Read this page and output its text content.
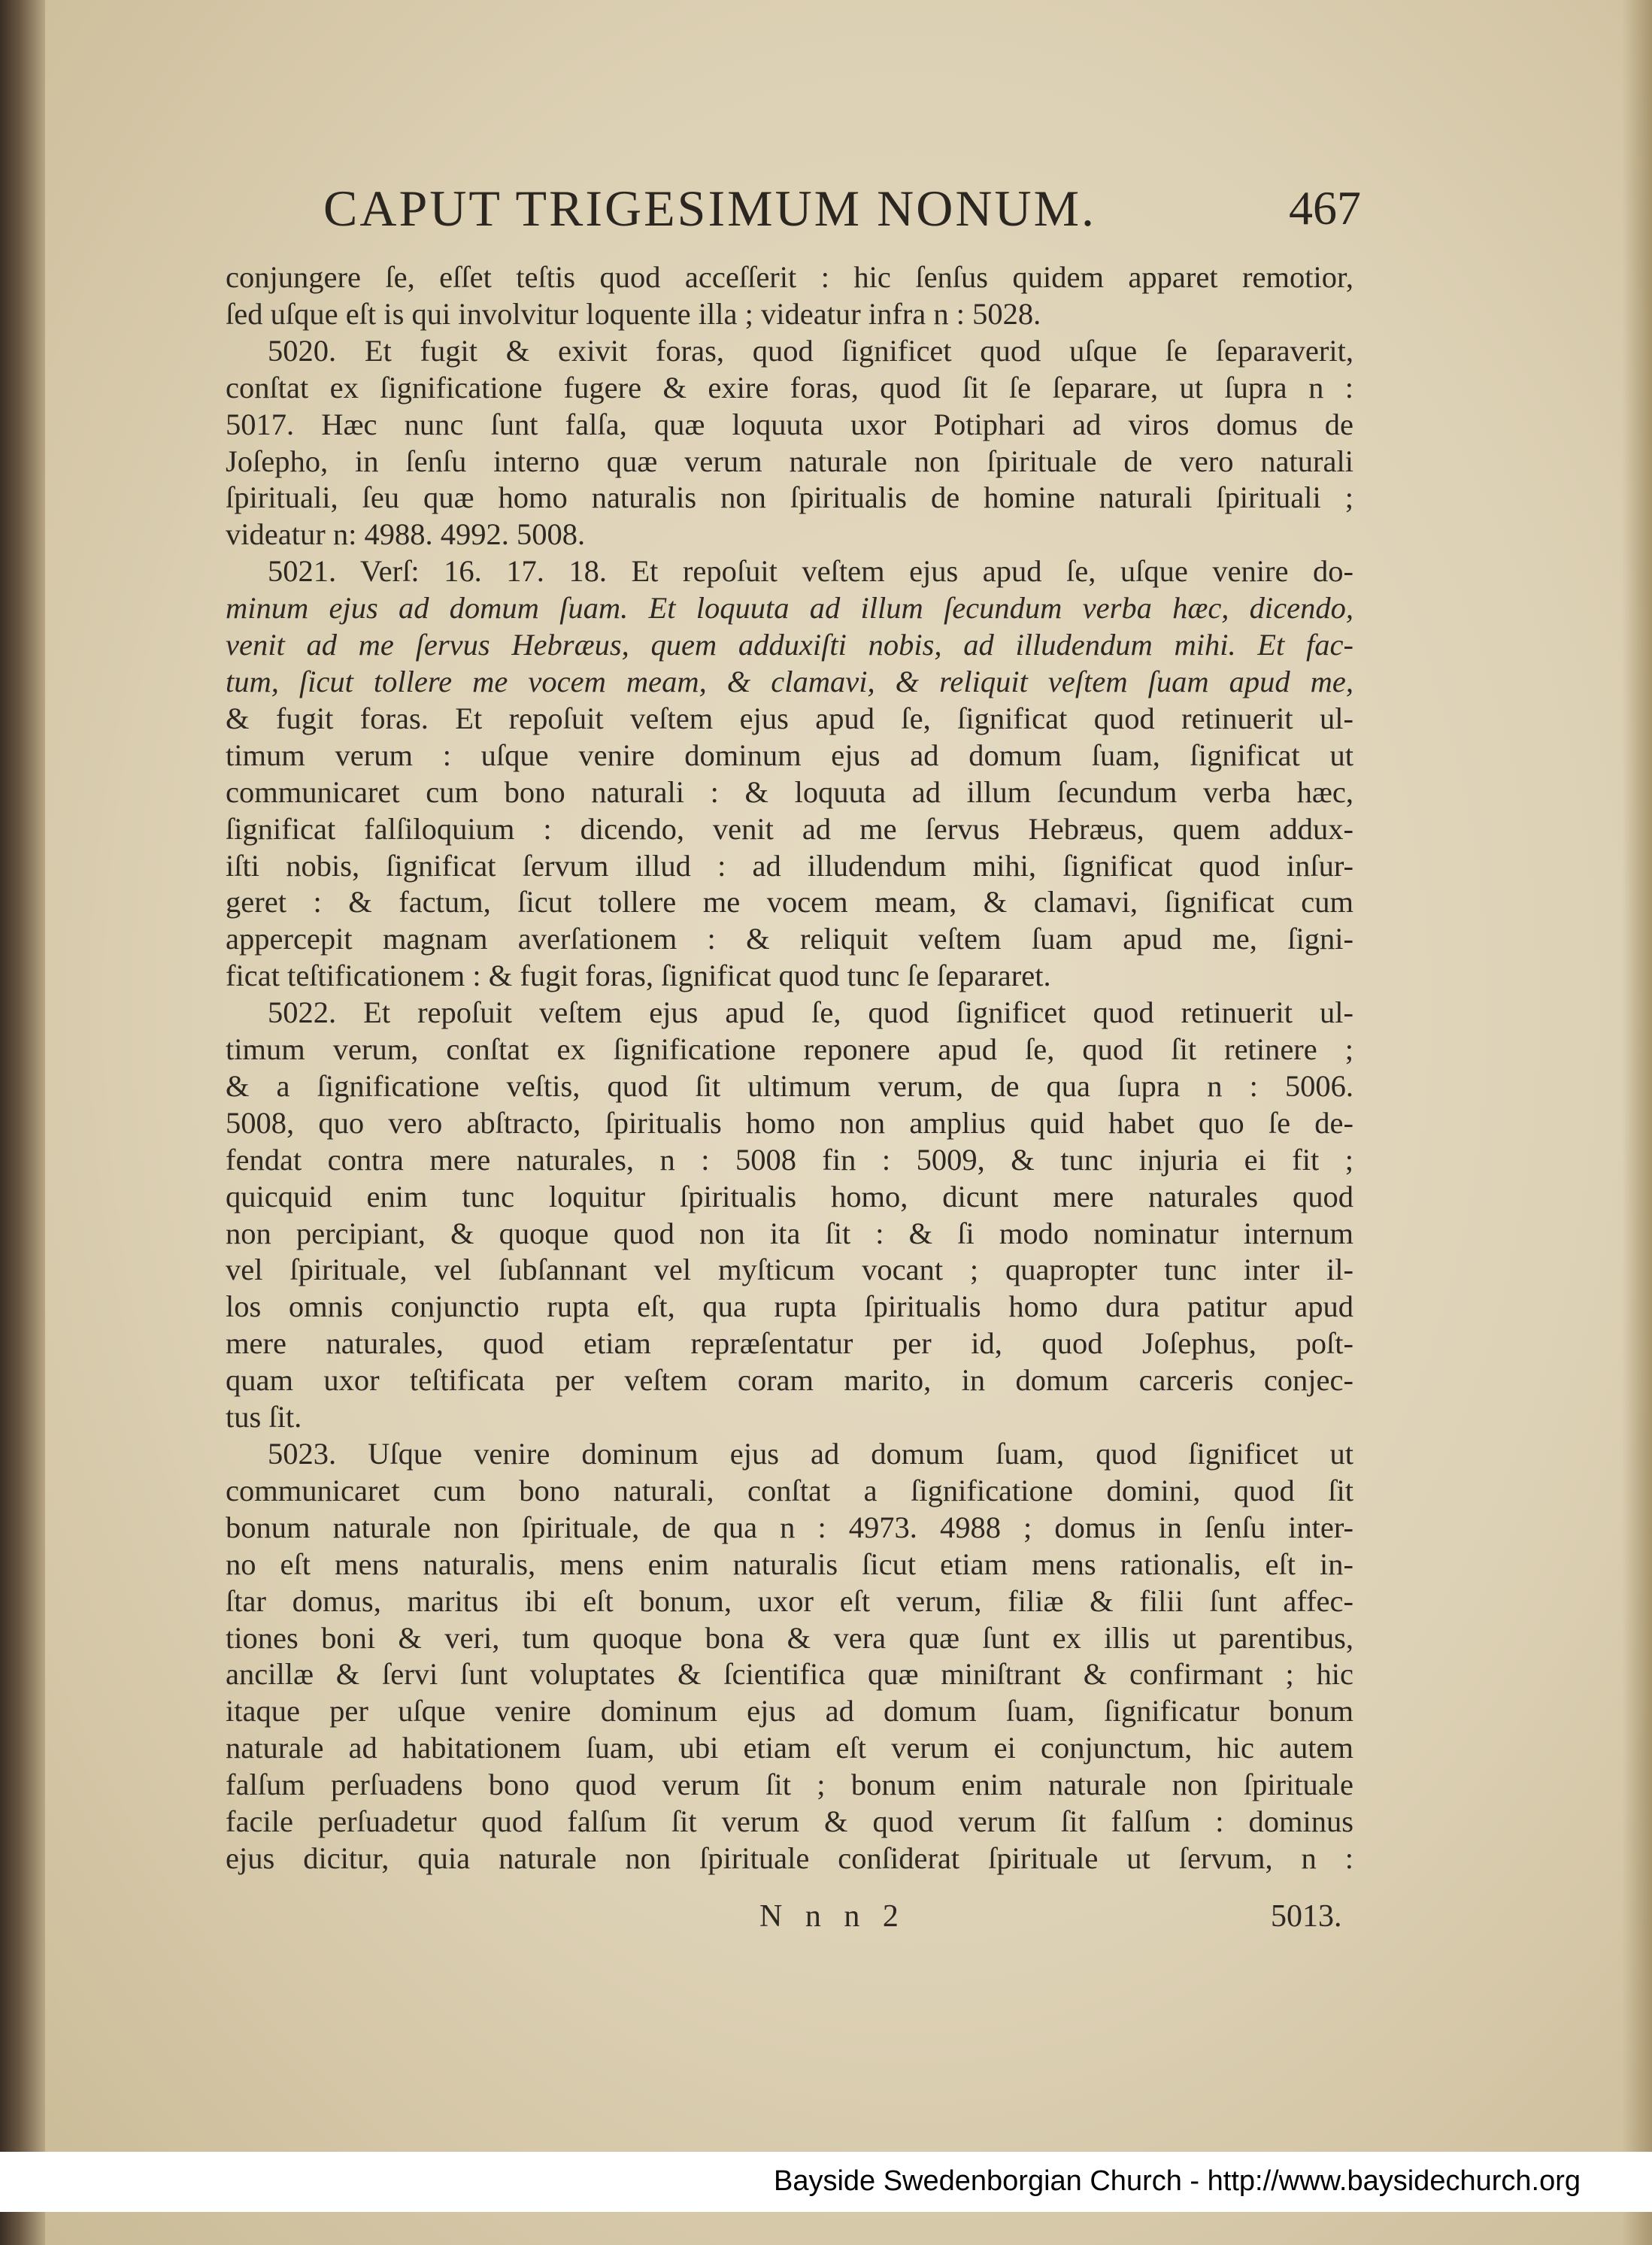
CAPUT TRIGESIMUM NONUM.	467
conjungere ſe, eſſet teſtis quod acceſſerit : hic ſenſus quidem apparet remotior,
ſed uſque eſt is qui involvitur loquente illa ; videatur infra n : 5028.
5020. Et fugit & exivit foras, quod ſignificet quod uſque ſe ſeparaverit,
conſtat ex ſignificatione fugere & exire foras, quod ſit ſe ſeparare, ut ſupra n :
5017. Hæc nunc ſunt falſa, quæ loquuta uxor Potiphari ad viros domus de
Joſepho, in ſenſu interno quæ verum naturale non ſpirituale de vero naturali
ſpirituali, ſeu quæ homo naturalis non ſpiritualis de homine naturali ſpirituali ;
videatur n: 4988. 4992. 5008.
5021. Verſ: 16. 17. 18. Et repoſuit veſtem ejus apud ſe, uſque venire do-
minum ejus ad domum ſuam. Et loquuta ad illum ſecundum verba hæc, dicendo,
venit ad me ſervus Hebræus, quem adduxiſti nobis, ad illudendum mihi. Et fac-
tum, ſicut tollere me vocem meam, & clamavi, & reliquit veſtem ſuam apud me,
& fugit foras. Et repoſuit veſtem ejus apud ſe, ſignificat quod retinuerit ul-
timum verum : uſque venire dominum ejus ad domum ſuam, ſignificat ut
communicaret cum bono naturali : & loquuta ad illum ſecundum verba hæc,
ſignificat falſiloquium : dicendo, venit ad me ſervus Hebræus, quem addux-
iſti nobis, ſignificat ſervum illud : ad illudendum mihi, ſignificat quod inſur-
geret : & factum, ſicut tollere me vocem meam, & clamavi, ſignificat cum
appercepit magnam averſationem : & reliquit veſtem ſuam apud me, ſigni-
ficat teſtificationem : & fugit foras, ſignificat quod tunc ſe ſepararet.
5022. Et repoſuit veſtem ejus apud ſe, quod ſignificet quod retinuerit ul-
timum verum, conſtat ex ſignificatione reponere apud ſe, quod ſit retinere ;
& a ſignificatione veſtis, quod ſit ultimum verum, de qua ſupra n : 5006.
5008, quo vero abſtracto, ſpiritualis homo non amplius quid habet quo ſe de-
fendat contra mere naturales, n : 5008 fin : 5009, & tunc injuria ei fit ;
quicquid enim tunc loquitur ſpiritualis homo, dicunt mere naturales quod
non percipiant, & quoque quod non ita ſit : & ſi modo nominatur internum
vel ſpirituale, vel ſubſannant vel myſticum vocant ; quapropter tunc inter il-
los omnis conjunctio rupta eſt, qua rupta ſpiritualis homo dura patitur apud
mere naturales, quod etiam repræſentatur per id, quod Joſephus, poſt-
quam uxor teſtificata per veſtem coram marito, in domum carceris conjec-
tus ſit.
5023. Uſque venire dominum ejus ad domum ſuam, quod ſignificet ut
communicaret cum bono naturali, conſtat a ſignificatione domini, quod ſit
bonum naturale non ſpirituale, de qua n : 4973. 4988 ; domus in ſenſu inter-
no eſt mens naturalis, mens enim naturalis ſicut etiam mens rationalis, eſt in-
ſtar domus, maritus ibi eſt bonum, uxor eſt verum, filiæ & filii ſunt affec-
tiones boni & veri, tum quoque bona & vera quæ ſunt ex illis ut parentibus,
ancillæ & ſervi ſunt voluptates & ſcientifica quæ miniſtrant & confirmant ; hic
itaque per uſque venire dominum ejus ad domum ſuam, ſignificatur bonum
naturale ad habitationem ſuam, ubi etiam eſt verum ei conjunctum, hic autem
falſum perſuadens bono quod verum ſit ; bonum enim naturale non ſpirituale
facile perſuadetur quod falſum ſit verum & quod verum ſit falſum : dominus
ejus dicitur, quia naturale non ſpirituale conſiderat ſpirituale ut ſervum, n :
N n n 2	5013.
Bayside Swedenborgian Church - http://www.baysidechurch.org
